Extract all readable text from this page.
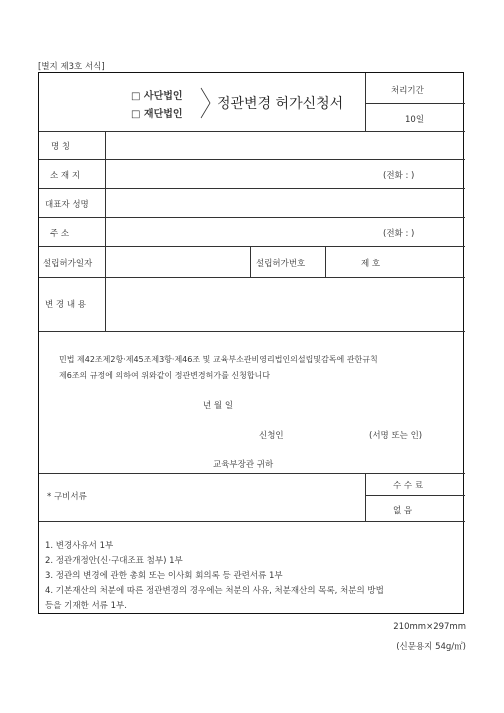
[별지 제3호 서식]
□ 사단법인
□ 재단법인
정관변경 허가신청서
처리기간
10일
명 칭
소 재 지	(전화 : )
대표자 성명
주 소	(전화 : )
설립허가일자	설립허가번호	제 호
변 경 내 용
민법 제42조제2항·제45조제3항·제46조 및 교육부소관비영리법인의설립및감독에 관한규칙
제6조의 규정에 의하여 위와같이 정관변경허가를 신청합니다
년 월 일
신청인	(서명 또는 인)
교육부장관 귀하
* 구비서류
수 수 료
없 음
1. 변경사유서 1부
2. 정관개정안(신·구대조표 첨부) 1부
3. 정관의 변경에 관한 총회 또는 이사회 회의록 등 관련서류 1부
4. 기본재산의 처분에 따른 정관변경의 경우에는 처분의 사유, 처분재산의 목록, 처분의 방법
등을 기재한 서류 1부.
210mm×297mm
(신문용지 54g/㎡)
